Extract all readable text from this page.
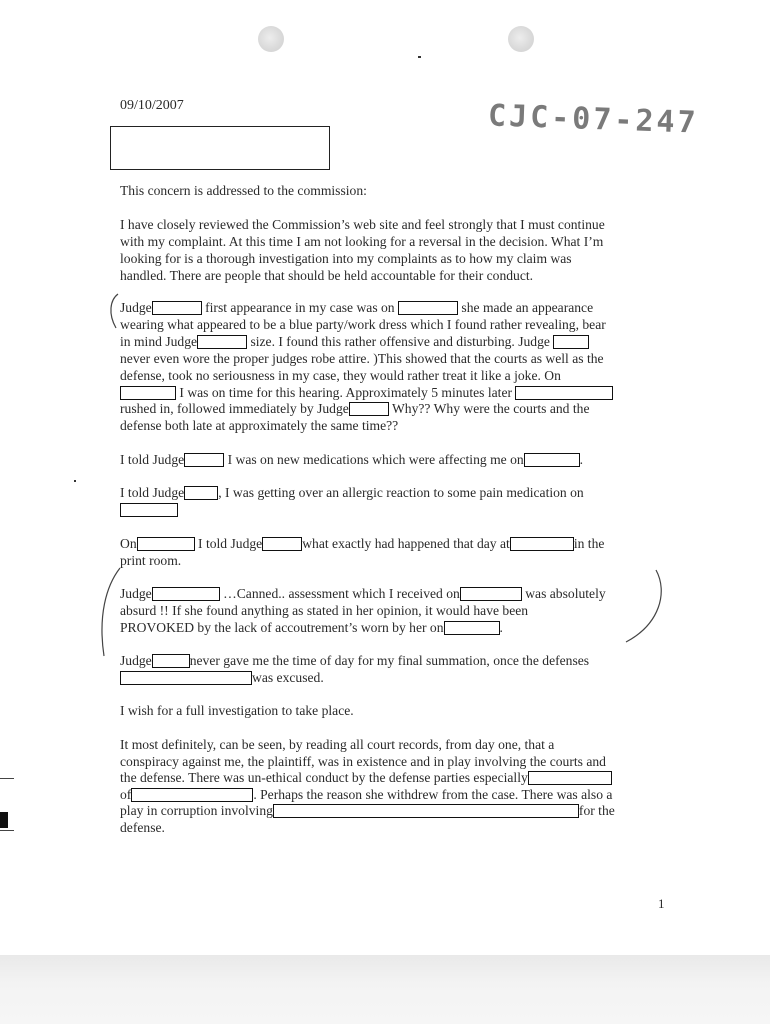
09/10/2007	CJC-07-247
This concern is addressed to the commission:
I have closely reviewed the Commission’s web site and feel strongly that I must continue
with my complaint. At this time I am not looking for a reversal in the decision. What I’m
looking for is a thorough investigation into my complaints as to how my claim was
handled. There are people that should be held accountable for their conduct.
Judge	first appearance in my case was on	she made an appearance
wearing what appeared to be a blue party/work dress which I found rather revealing, bear
in mind Judge	size. I found this rather offensive and disturbing. Judge
never even wore the proper judges robe attire. )This showed that the courts as well as the
defense, took no seriousness in my case, they would rather treat it like a joke. On
I was on time for this hearing. Approximately 5 minutes later
rushed in, followed immediately by Judge	Why?? Why were the courts and the
defense both late at approximately the same time??
I told Judge	I was on new medications which were affecting me on	.
I told Judge	, I was getting over an allergic reaction to some pain medication on
On	I told Judge	what exactly had happened that day at	in the
print room.
Judge	…Canned.. assessment which I received on	was absolutely
absurd !! If she found anything as stated in her opinion, it would have been
PROVOKED by the lack of accoutrement’s worn by her on	.
Judge	never gave me the time of day for my final summation, once the defenses
was excused.
I wish for a full investigation to take place.
It most definitely, can be seen, by reading all court records, from day one, that a
conspiracy against me, the plaintiff, was in existence and in play involving the courts and
the defense. There was un-ethical conduct by the defense parties especially
of	. Perhaps the reason she withdrew from the case. There was also a
play in corruption involving	for the
defense.
1
